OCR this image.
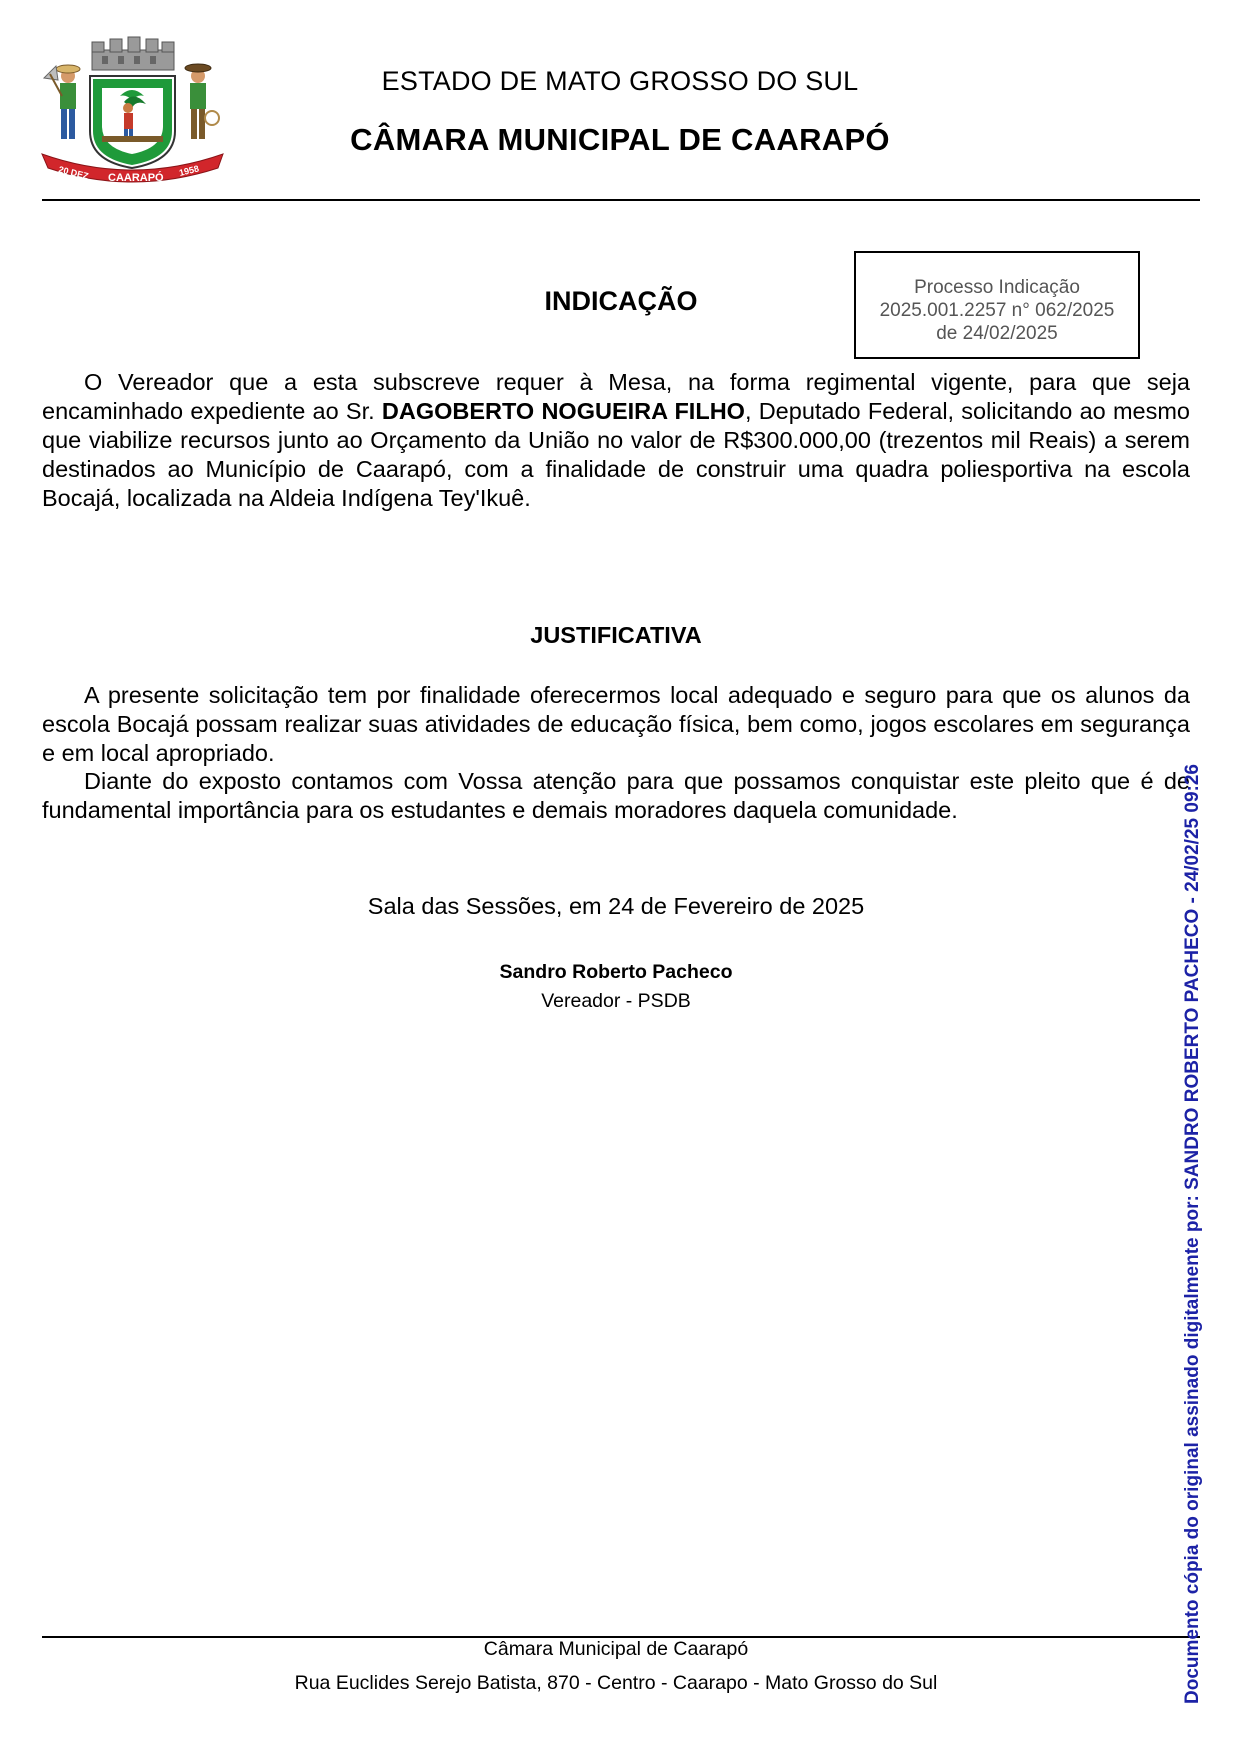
20 DEZ CAARAPÓ
1958
ESTADO DE MATO GROSSO DO SUL
CÂMARA MUNICIPAL DE CAARAPÓ
Processo Indicação
2025.001.2257 n° 062/2025
de 24/02/2025
INDICAÇÃO
O Vereador que a esta subscreve requer à Mesa, na forma regimental vigente, para que seja encaminhado expediente ao Sr. DAGOBERTO NOGUEIRA FILHO, Deputado Federal, solicitando ao mesmo que viabilize recursos junto ao Orçamento da União no valor de R$300.000,00 (trezentos mil Reais) a serem destinados ao Município de Caarapó, com a finalidade de construir uma quadra poliesportiva na escola Bocajá, localizada na Aldeia Indígena Tey'Ikuê.
JUSTIFICATIVA
A presente solicitação tem por finalidade oferecermos local adequado e seguro para que os alunos da escola Bocajá possam realizar suas atividades de educação física, bem como, jogos escolares em segurança e em local apropriado.
Diante do exposto contamos com Vossa atenção para que possamos conquistar este pleito que é de fundamental importância para os estudantes e demais moradores daquela comunidade.
Sala das Sessões, em 24 de Fevereiro de 2025
Sandro Roberto Pacheco
Vereador - PSDB
Câmara Municipal de Caarapó
Rua Euclides Serejo Batista, 870 - Centro - Caarapo - Mato Grosso do Sul	Documento cópia do original assinado digitalmente por: SANDRO ROBERTO PACHECO - 24/02/25 09:26
